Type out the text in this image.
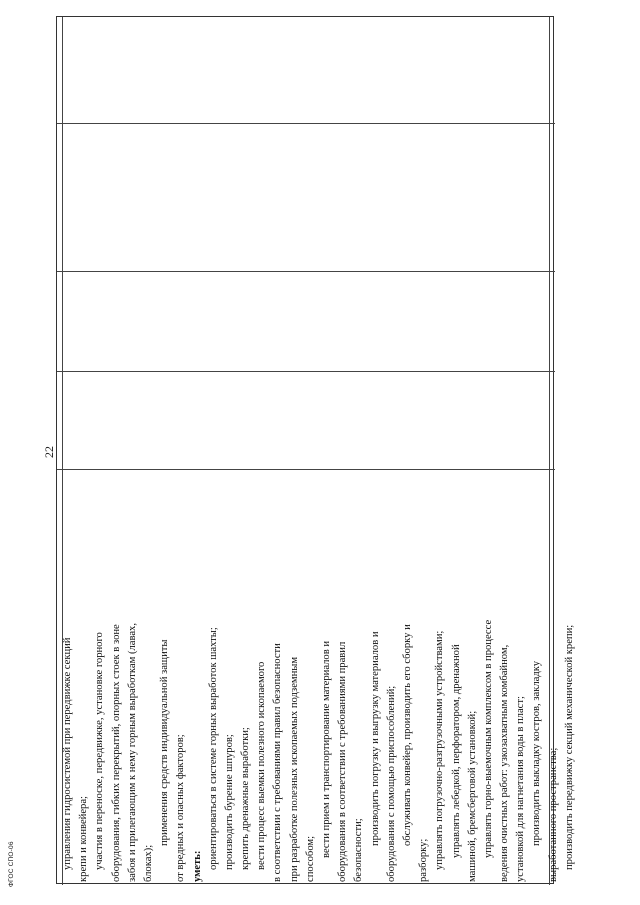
управления гидросистемой при передвижке секций крепи и конвейера; участия в переноске, передвижке, установке горного оборудования, гибких перекрытий, опорных стоек в зоне забоя и прилегающим к нему горным выработкам (лавах, блоках);
применения средств индивидуальной защиты от вредных и опасных факторов; уметь: ориентироваться в системе горных выработок шахты; производить бурение шпуров; крепить дренажные выработки; вести процесс выемки полезного ископаемого в соответствии с требованиями правил безопасности при разработке полезных ископаемых подземным способом;
вести прием и транспортирование материалов и оборудования в соответствии с требованиями правил безопасности;
производить погрузку и выгрузку материалов и оборудования с помощью приспособлений; обслуживать конвейер, производить его сборку и
разборку; управлять погрузочно-разгрузочными устройствами; управлять лебедкой, перфоратором, дренажной машиной, бремсберговой установкой; управлять горно-выемочным комплексом в процессе ведения очистных работ: узкозахватным комбайном, установкой для нагнетания воды в пласт; производить выкладку костров, закладку выработанного пространства; производить передвижку секций механической крепи;
22
ФГОС СПО-06
